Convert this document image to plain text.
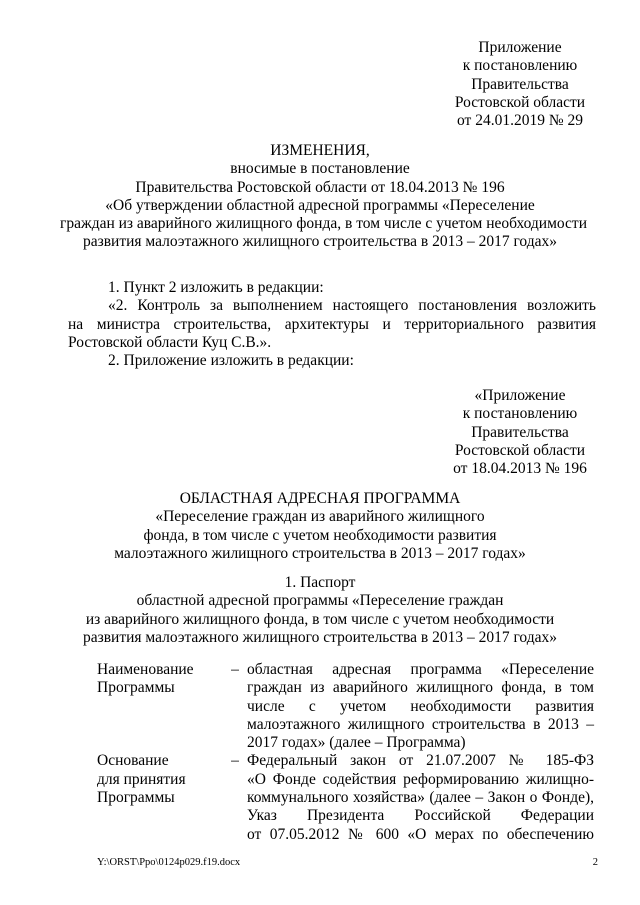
Приложение
к постановлению
Правительства
Ростовской области
от 24.01.2019 № 29
ИЗМЕНЕНИЯ,
вносимые в постановление
Правительства Ростовской области от 18.04.2013 № 196
«Об утверждении областной адресной программы «Переселение
граждан из аварийного жилищного фонда, в том числе с учетом необходимости
развития малоэтажного жилищного строительства в 2013 – 2017 годах»
1. Пункт 2 изложить в редакции:
«2. Контроль за выполнением настоящего постановления возложить
на министра строительства, архитектуры и территориального развития
Ростовской области Куц С.В.».
2. Приложение изложить в редакции:
«Приложение
к постановлению
Правительства
Ростовской области
от 18.04.2013 № 196
ОБЛАСТНАЯ АДРЕСНАЯ ПРОГРАММА
«Переселение граждан из аварийного жилищного
фонда, в том числе с учетом необходимости развития
малоэтажного жилищного строительства в 2013 – 2017 годах»
1. Паспорт
областной адресной программы «Переселение граждан
из аварийного жилищного фонда, в том числе с учетом необходимости
развития малоэтажного жилищного строительства в 2013 – 2017 годах»
Наименование
Программы
– областная адресная программа «Переселение
граждан из аварийного жилищного фонда, в том
числе с учетом необходимости развития
малоэтажного жилищного строительства в 2013 –
2017 годах» (далее – Программа)
Основание
для принятия
Программы
– Федеральный закон от 21.07.2007 № 185-ФЗ
«О Фонде содействия реформированию жилищно-
коммунального хозяйства» (далее – Закон о Фонде),
Указ Президента Российской Федерации
от 07.05.2012 № 600 «О мерах по обеспечению
Y:\ORST\Ppo\0124p029.f19.docx	2
